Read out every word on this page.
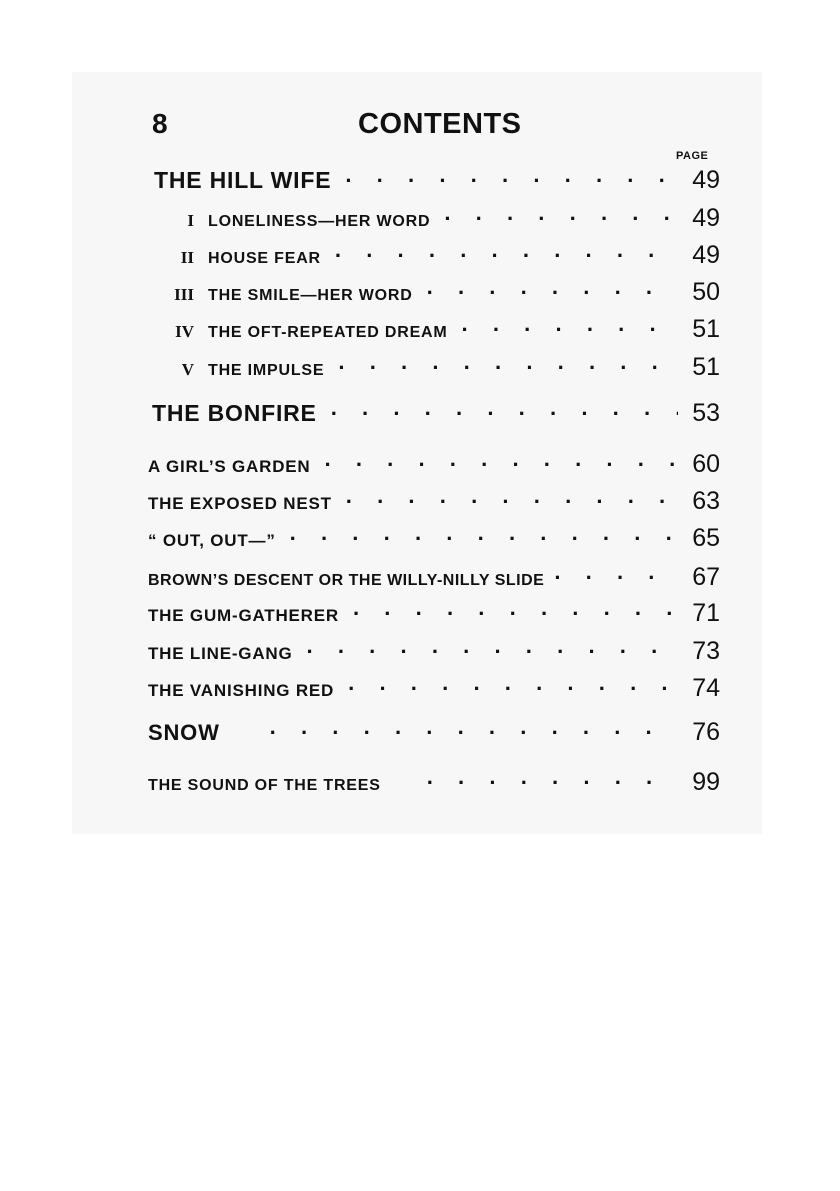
8	CONTENTS
PAGE
THE HILL WIFE ·····	49
I LONELINESS—HER WORD ·····	49
II HOUSE FEAR ·····	49
III THE SMILE—HER WORD ·····	50
IV THE OFT-REPEATED DREAM ·····	51
V THE IMPULSE ·····	51
THE BONFIRE ·····	53
A GIRL’S GARDEN ·····	60
THE EXPOSED NEST ·····	63
“ OUT, OUT—” ·····	65
BROWN’S DESCENT OR THE WILLY-NILLY SLIDE ·····	67
THE GUM-GATHERER ·····	71
THE LINE-GANG ·····	73
THE VANISHING RED ·····	74
SNOW ·····	76
THE SOUND OF THE TREES ·····	99
